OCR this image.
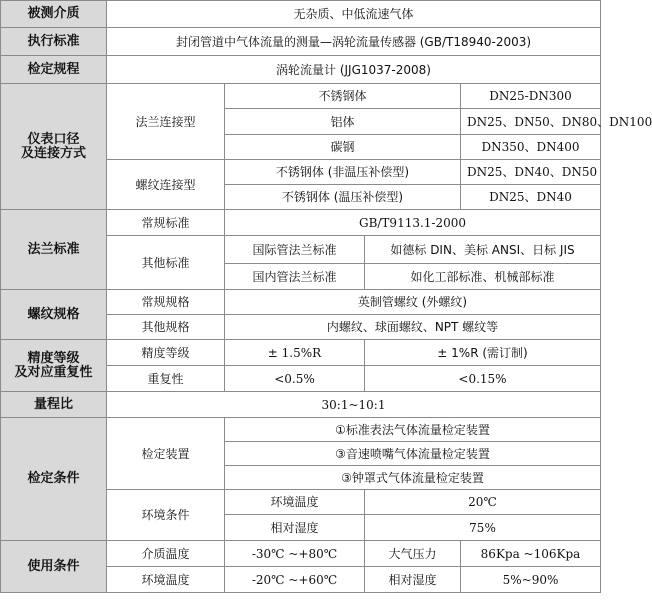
被测介质	无杂质、中低流速气体			
执行标准	封闭管道中气体流量的测量—涡轮流量传感器 (GB/T18940-2003)			
检定规程	涡轮流量计 (JJG1037-2008)			

仪表口径
及连接方式	法兰连接型	不锈钢体		DN25-DN300
		铝体		DN25、DN50、DN80、DN100
		碳钢		DN350、DN400
	螺纹连接型	不锈钢体 (非温压补偿型)		DN25、DN40、DN50
		不锈钢体 (温压补偿型)		DN25、DN40
法兰标准	常规标准	GB/T9113.1-2000		
	其他标准	国际管法兰标准	如德标 DIN、美标 ANSI、日标 JIS	
		国内管法兰标准	如化工部标准、机械部标准	
螺纹规格	常规规格	英制管螺纹 (外螺纹)		
	其他规格	内螺纹、球面螺纹、NPT 螺纹等		

精度等级
及对应重复性	精度等级	± 1.5%R	± 1%R (需订制)	
	重复性	<0.5%	<0.15%	
量程比	30:1~10:1			
检定条件	检定装置	①标准表法气体流量检定装置		
		③音速喷嘴气体流量检定装置		
		③钟罩式气体流量检定装置		
	环境条件	环境温度	20℃	
		相对湿度	75%	
使用条件	介质温度	-30℃ ~+80℃	大气压力	86Kpa ~106Kpa
	环境温度	-20℃ ~+60℃	相对湿度	5%~90%
